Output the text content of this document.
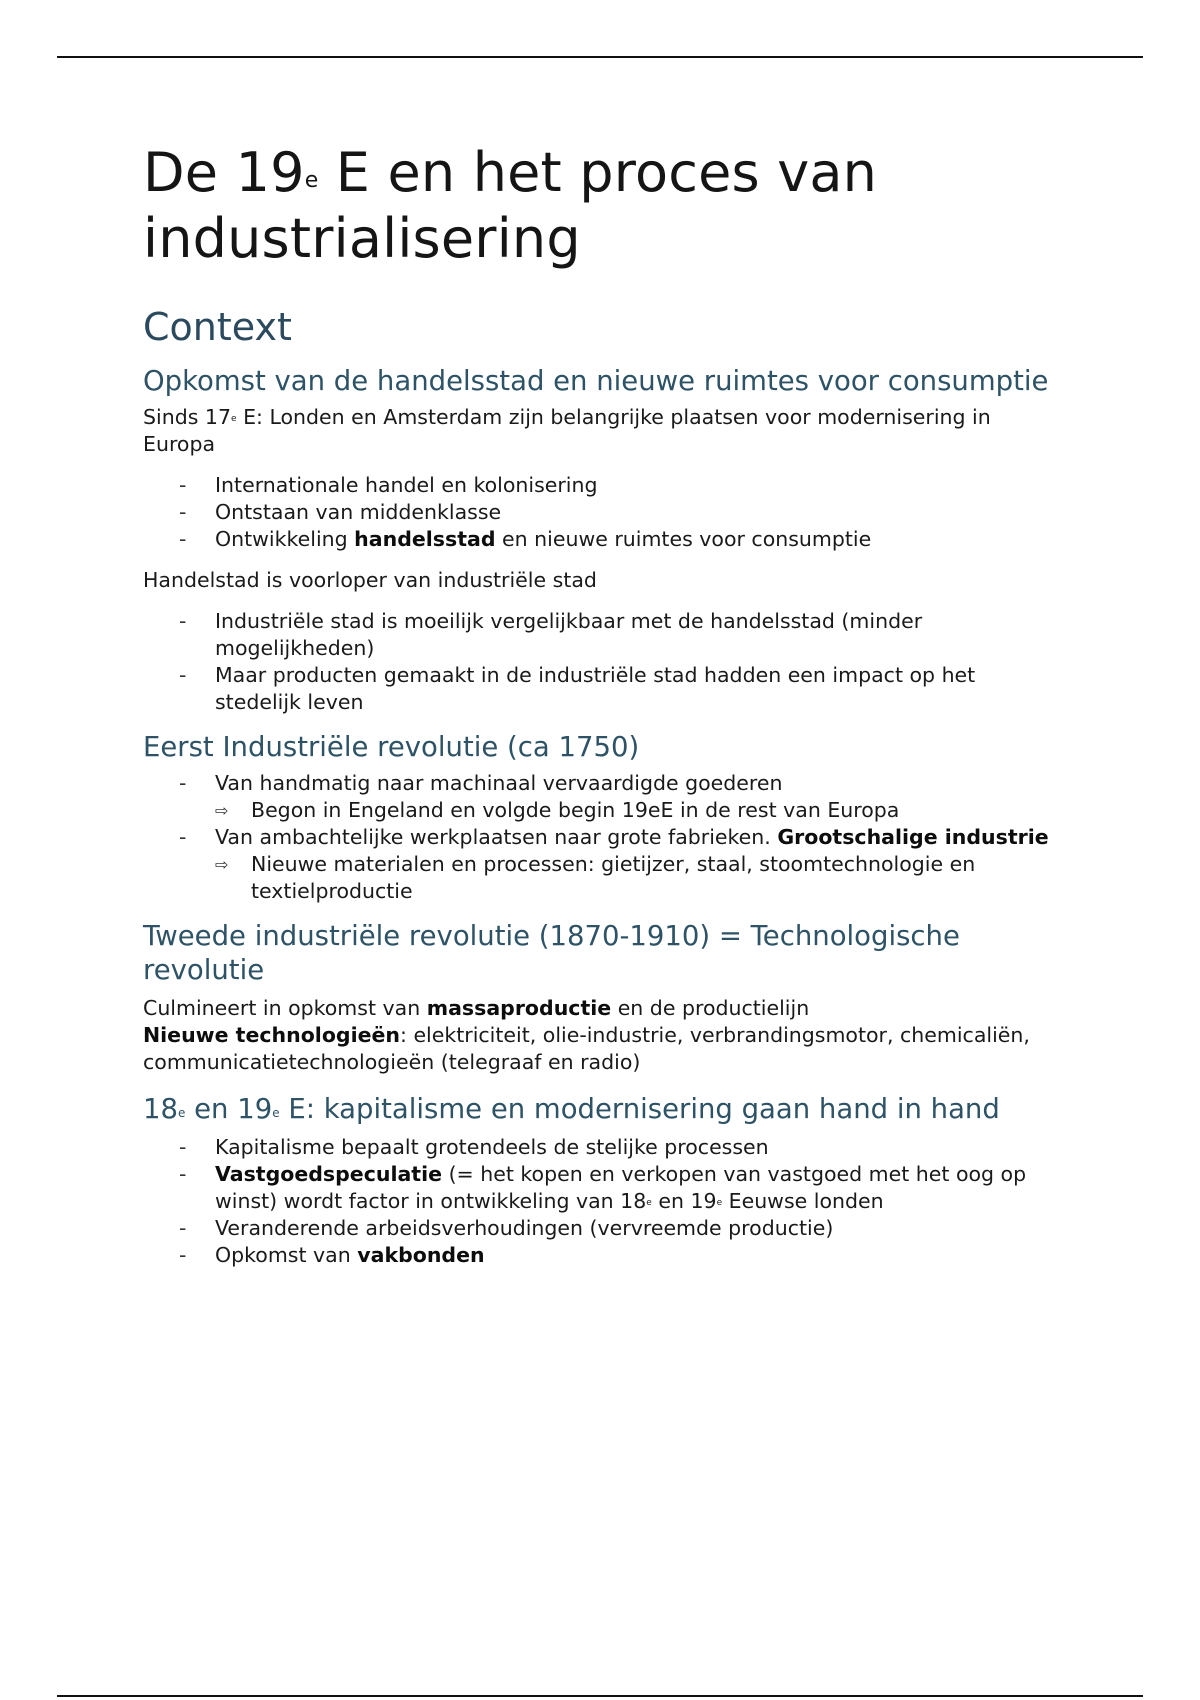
De 19e E en het proces van industrialisering
Context
Opkomst van de handelsstad en nieuwe ruimtes voor consumptie

Sinds 17e E: Londen en Amsterdam zijn belangrijke plaatsen voor modernisering in Europa

- Internationale handel en kolonisering
- Ontstaan van middenklasse
- Ontwikkeling handelsstad en nieuwe ruimtes voor consumptie

Handelstad is voorloper van industriële stad

- Industriële stad is moeilijk vergelijkbaar met de handelsstad (minder mogelijkheden)
- Maar producten gemaakt in de industriële stad hadden een impact op het stedelijk leven
Eerst Industriële revolutie (ca 1750)
- Van handmatig naar machinaal vervaardigde goederen
⇨ Begon in Engeland en volgde begin 19eE in de rest van Europa
- Van ambachtelijke werkplaatsen naar grote fabrieken. Grootschalige industrie
⇨ Nieuwe materialen en processen: gietijzer, staal, stoomtechnologie en textielproductie
Tweede industriële revolutie (1870-1910) = Technologische revolutie

Culmineert in opkomst van massaproductie en de productielijn
Nieuwe technologieën: elektriciteit, olie-industrie, verbrandingsmotor, chemicaliën, communicatietechnologieën (telegraaf en radio)

18e en 19e E: kapitalisme en modernisering gaan hand in hand
- Kapitalisme bepaalt grotendeels de stelijke processen
- Vastgoedspeculatie (= het kopen en verkopen van vastgoed met het oog op winst) wordt factor in ontwikkeling van 18e en 19e Eeuwse londen
- Veranderende arbeidsverhoudingen (vervreemde productie)
- Opkomst van vakbonden
